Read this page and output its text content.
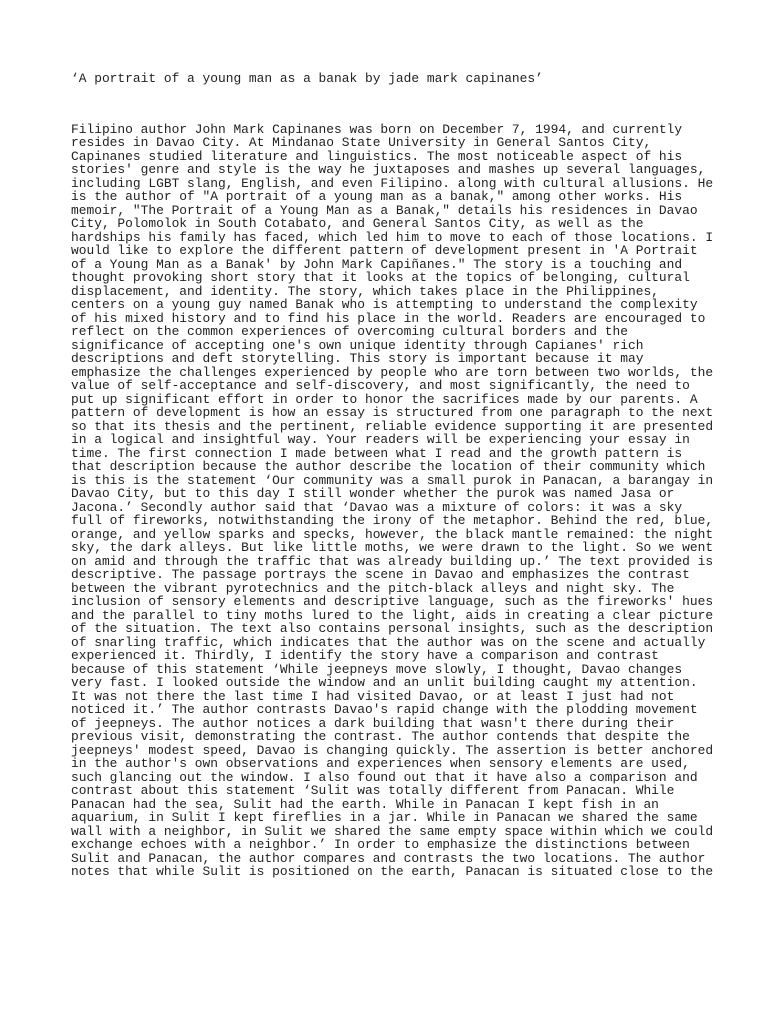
‘A portrait of a young man as a banak by jade mark capinanes’
Filipino author John Mark Capinanes was born on December 7, 1994, and currently
resides in Davao City. At Mindanao State University in General Santos City,
Capinanes studied literature and linguistics. The most noticeable aspect of his
stories' genre and style is the way he juxtaposes and mashes up several languages,
including LGBT slang, English, and even Filipino. along with cultural allusions. He
is the author of "A portrait of a young man as a banak," among other works. His
memoir, "The Portrait of a Young Man as a Banak," details his residences in Davao
City, Polomolok in South Cotabato, and General Santos City, as well as the
hardships his family has faced, which led him to move to each of those locations. I
would like to explore the different pattern of development present in 'A Portrait
of a Young Man as a Banak' by John Mark Capiñanes." The story is a touching and
thought provoking short story that it looks at the topics of belonging, cultural
displacement, and identity. The story, which takes place in the Philippines,
centers on a young guy named Banak who is attempting to understand the complexity
of his mixed history and to find his place in the world. Readers are encouraged to
reflect on the common experiences of overcoming cultural borders and the
significance of accepting one's own unique identity through Capianes' rich
descriptions and deft storytelling. This story is important because it may
emphasize the challenges experienced by people who are torn between two worlds, the
value of self-acceptance and self-discovery, and most significantly, the need to
put up significant effort in order to honor the sacrifices made by our parents. A
pattern of development is how an essay is structured from one paragraph to the next
so that its thesis and the pertinent, reliable evidence supporting it are presented
in a logical and insightful way. Your readers will be experiencing your essay in
time. The first connection I made between what I read and the growth pattern is
that description because the author describe the location of their community which
is this is the statement ‘Our community was a small purok in Panacan, a barangay in
Davao City, but to this day I still wonder whether the purok was named Jasa or
Jacona.’ Secondly author said that ‘Davao was a mixture of colors: it was a sky
full of fireworks, notwithstanding the irony of the metaphor. Behind the red, blue,
orange, and yellow sparks and specks, however, the black mantle remained: the night
sky, the dark alleys. But like little moths, we were drawn to the light. So we went
on amid and through the traffic that was already building up.’ The text provided is
descriptive. The passage portrays the scene in Davao and emphasizes the contrast
between the vibrant pyrotechnics and the pitch-black alleys and night sky. The
inclusion of sensory elements and descriptive language, such as the fireworks' hues
and the parallel to tiny moths lured to the light, aids in creating a clear picture
of the situation. The text also contains personal insights, such as the description
of snarling traffic, which indicates that the author was on the scene and actually
experienced it. Thirdly, I identify the story have a comparison and contrast
because of this statement ‘While jeepneys move slowly, I thought, Davao changes
very fast. I looked outside the window and an unlit building caught my attention.
It was not there the last time I had visited Davao, or at least I just had not
noticed it.’ The author contrasts Davao's rapid change with the plodding movement
of jeepneys. The author notices a dark building that wasn't there during their
previous visit, demonstrating the contrast. The author contends that despite the
jeepneys' modest speed, Davao is changing quickly. The assertion is better anchored
in the author's own observations and experiences when sensory elements are used,
such glancing out the window. I also found out that it have also a comparison and
contrast about this statement ‘Sulit was totally different from Panacan. While
Panacan had the sea, Sulit had the earth. While in Panacan I kept fish in an
aquarium, in Sulit I kept fireflies in a jar. While in Panacan we shared the same
wall with a neighbor, in Sulit we shared the same empty space within which we could
exchange echoes with a neighbor.’ In order to emphasize the distinctions between
Sulit and Panacan, the author compares and contrasts the two locations. The author
notes that while Sulit is positioned on the earth, Panacan is situated close to the
